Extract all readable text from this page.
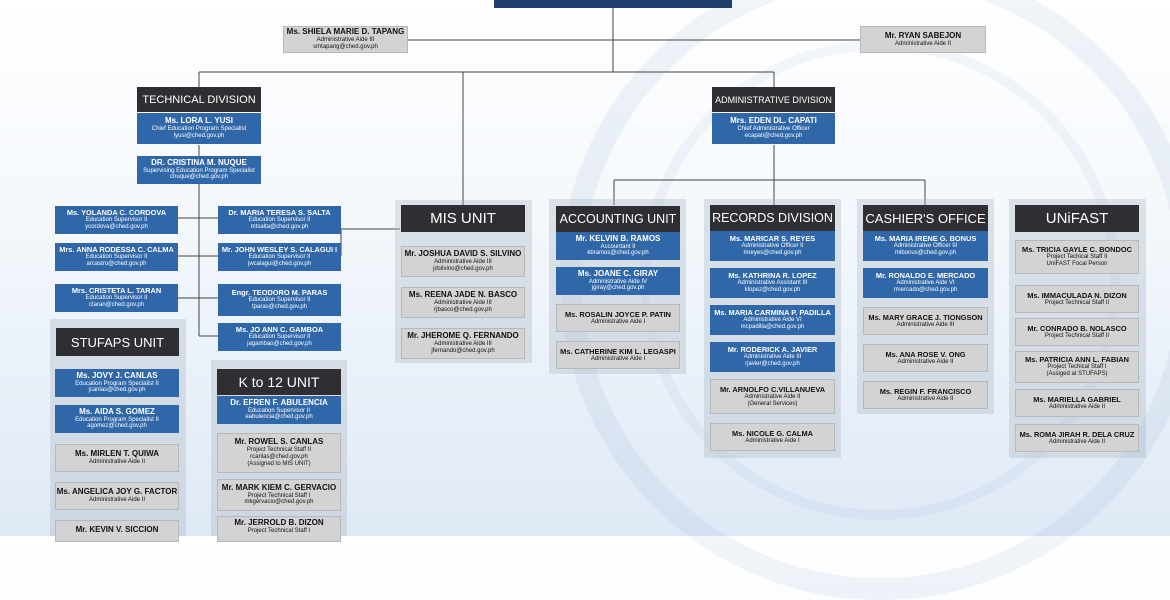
Ms. SHIELA MARIE D. TAPANG
Administrative Aide III
smtapang@ched.gov.ph
Mr. RYAN SABEJON
Administrative Aide II
TECHNICAL DIVISION
Ms. LORA L. YUSI
Chief Education Program Specialist
lyusi@ched.gov.ph
DR. CRISTINA M. NUQUE
Supervising Education Program Specialist
cnuque@ched.gov.ph
Ms. YOLANDA C. CORDOVA
Education Supervisor II
ycordova@ched.gov.ph
Mrs. ANNA RODESSA C. CALMA
Education Supervisor II
arcastro@ched.gov.ph
Mrs. CRISTETA L. TARAN
Education Supervisor II
ctaran@ched.gov.ph
Dr. MARIA TERESA S. SALTA
Education Supervisor II
mtsalta@ched.gov.ph
Mr. JOHN WESLEY S. CALAGUI I
Education Supervisor II
jwcalagui@ched.gov.ph
Engr. TEODORO M. PARAS
Education Supervisor II
tparas@ched.gov.ph
Ms. JO ANN C. GAMBOA
Education Supervisor II
jagambao@ched.gov.ph
STUFAPS UNIT
Ms. JOVY J. CANLAS
Education Program Specialist II
jcanlas@ched.gov.ph
Ms. AIDA S. GOMEZ
Education Program Specialist II
agomez@ched.gov.ph
Ms. MIRLEN T. QUIWA
Administrative Aide II
Ms. ANGELICA JOY G. FACTOR
Administrative Aide II
Mr. KEVIN V. SICCION
K to 12 UNIT
Dr. EFREN F. ABULENCIA
Education Supervisor II
eabulencia@ched.gov.ph
Mr. ROWEL S. CANLAS
Project Technical Staff II
rcanlas@ched.gov.ph
(Assigned to MIS UNIT)
Mr. MARK KIEM C. GERVACIO
Project Technical Staff I
mkgervacio@ched.gov.ph
Mr. JERROLD B. DIZON
Project Technical Staff I
MIS UNIT
Mr. JOSHUA DAVID S. SILVINO
Administrative Aide III
jdsilvino@ched.gov.ph
Ms. REENA JADE N. BASCO
Administrative Aide III
rjbasco@ched.gov.ph
Mr. JHEROME Q. FERNANDO
Administrative Aide III
jfernando@ched.gov.ph
ADMINISTRATIVE DIVISION
Mrs. EDEN DL. CAPATI
Chief Administrative Officer
ecapati@ched.gov.ph
ACCOUNTING UNIT
Mr. KELVIN B. RAMOS
Accountant II
kbramos@ched.gov.ph
Ms. JOANE C. GIRAY
Administrative Aide IV
jgiray@ched.gov.ph
Ms. ROSALIN JOYCE P. PATIN
Administrative Aide I
Ms. CATHERINE KIM L. LEGASPI
Administrative Aide I
RECORDS DIVISION
Ms. MARICAR S. REYES
Administrative Officer II
mreyes@ched.gov.ph
Ms. KATHRINA R. LOPEZ
Administrative Assistant III
klopez@ched.gov.ph
Ms. MARIA CARMINA P. PADILLA
Administrative Aide VI
mcpadilla@ched.gov.ph
Mr. RODERICK A. JAVIER
Administrative Aide III
rjavier@ched.gov.ph
Mr. ARNOLFO C.VILLANUEVA
Administrative Aide II
(General Services)
Ms. NICOLE G. CALMA
Administrative Aide I
CASHIER'S OFFICE
Ms. MARIA IRENE G. BONUS
Administrative Officer III
mibonus@ched.gov.ph
Mr. RONALDO E. MERCADO
Administrative Aide VI
rmercado@ched.gov.ph
Ms. MARY GRACE J. TIONGSON
Administrative Aide III
Ms. ANA ROSE V. ONG
Administrative Aide II
Ms. REGIN F. FRANCISCO
Administrative Aide II
UNiFAST
Ms. TRICIA GAYLE C. BONDOC
Project Techical Staff II
UniFAST Focal Person
Ms. IMMACULADA N. DIZON
Project Technical Staff II
Mr. CONRADO B. NOLASCO
Project Technical Staff II
Ms. PATRICIA ANN L. FABIAN
Project Techical Staff I
(Assiged at STUFAPS)
Ms. MARIELLA GABRIEL
Administrative Aide II
Ms. ROMA JIRAH R. DELA CRUZ
Administrative Aide II
